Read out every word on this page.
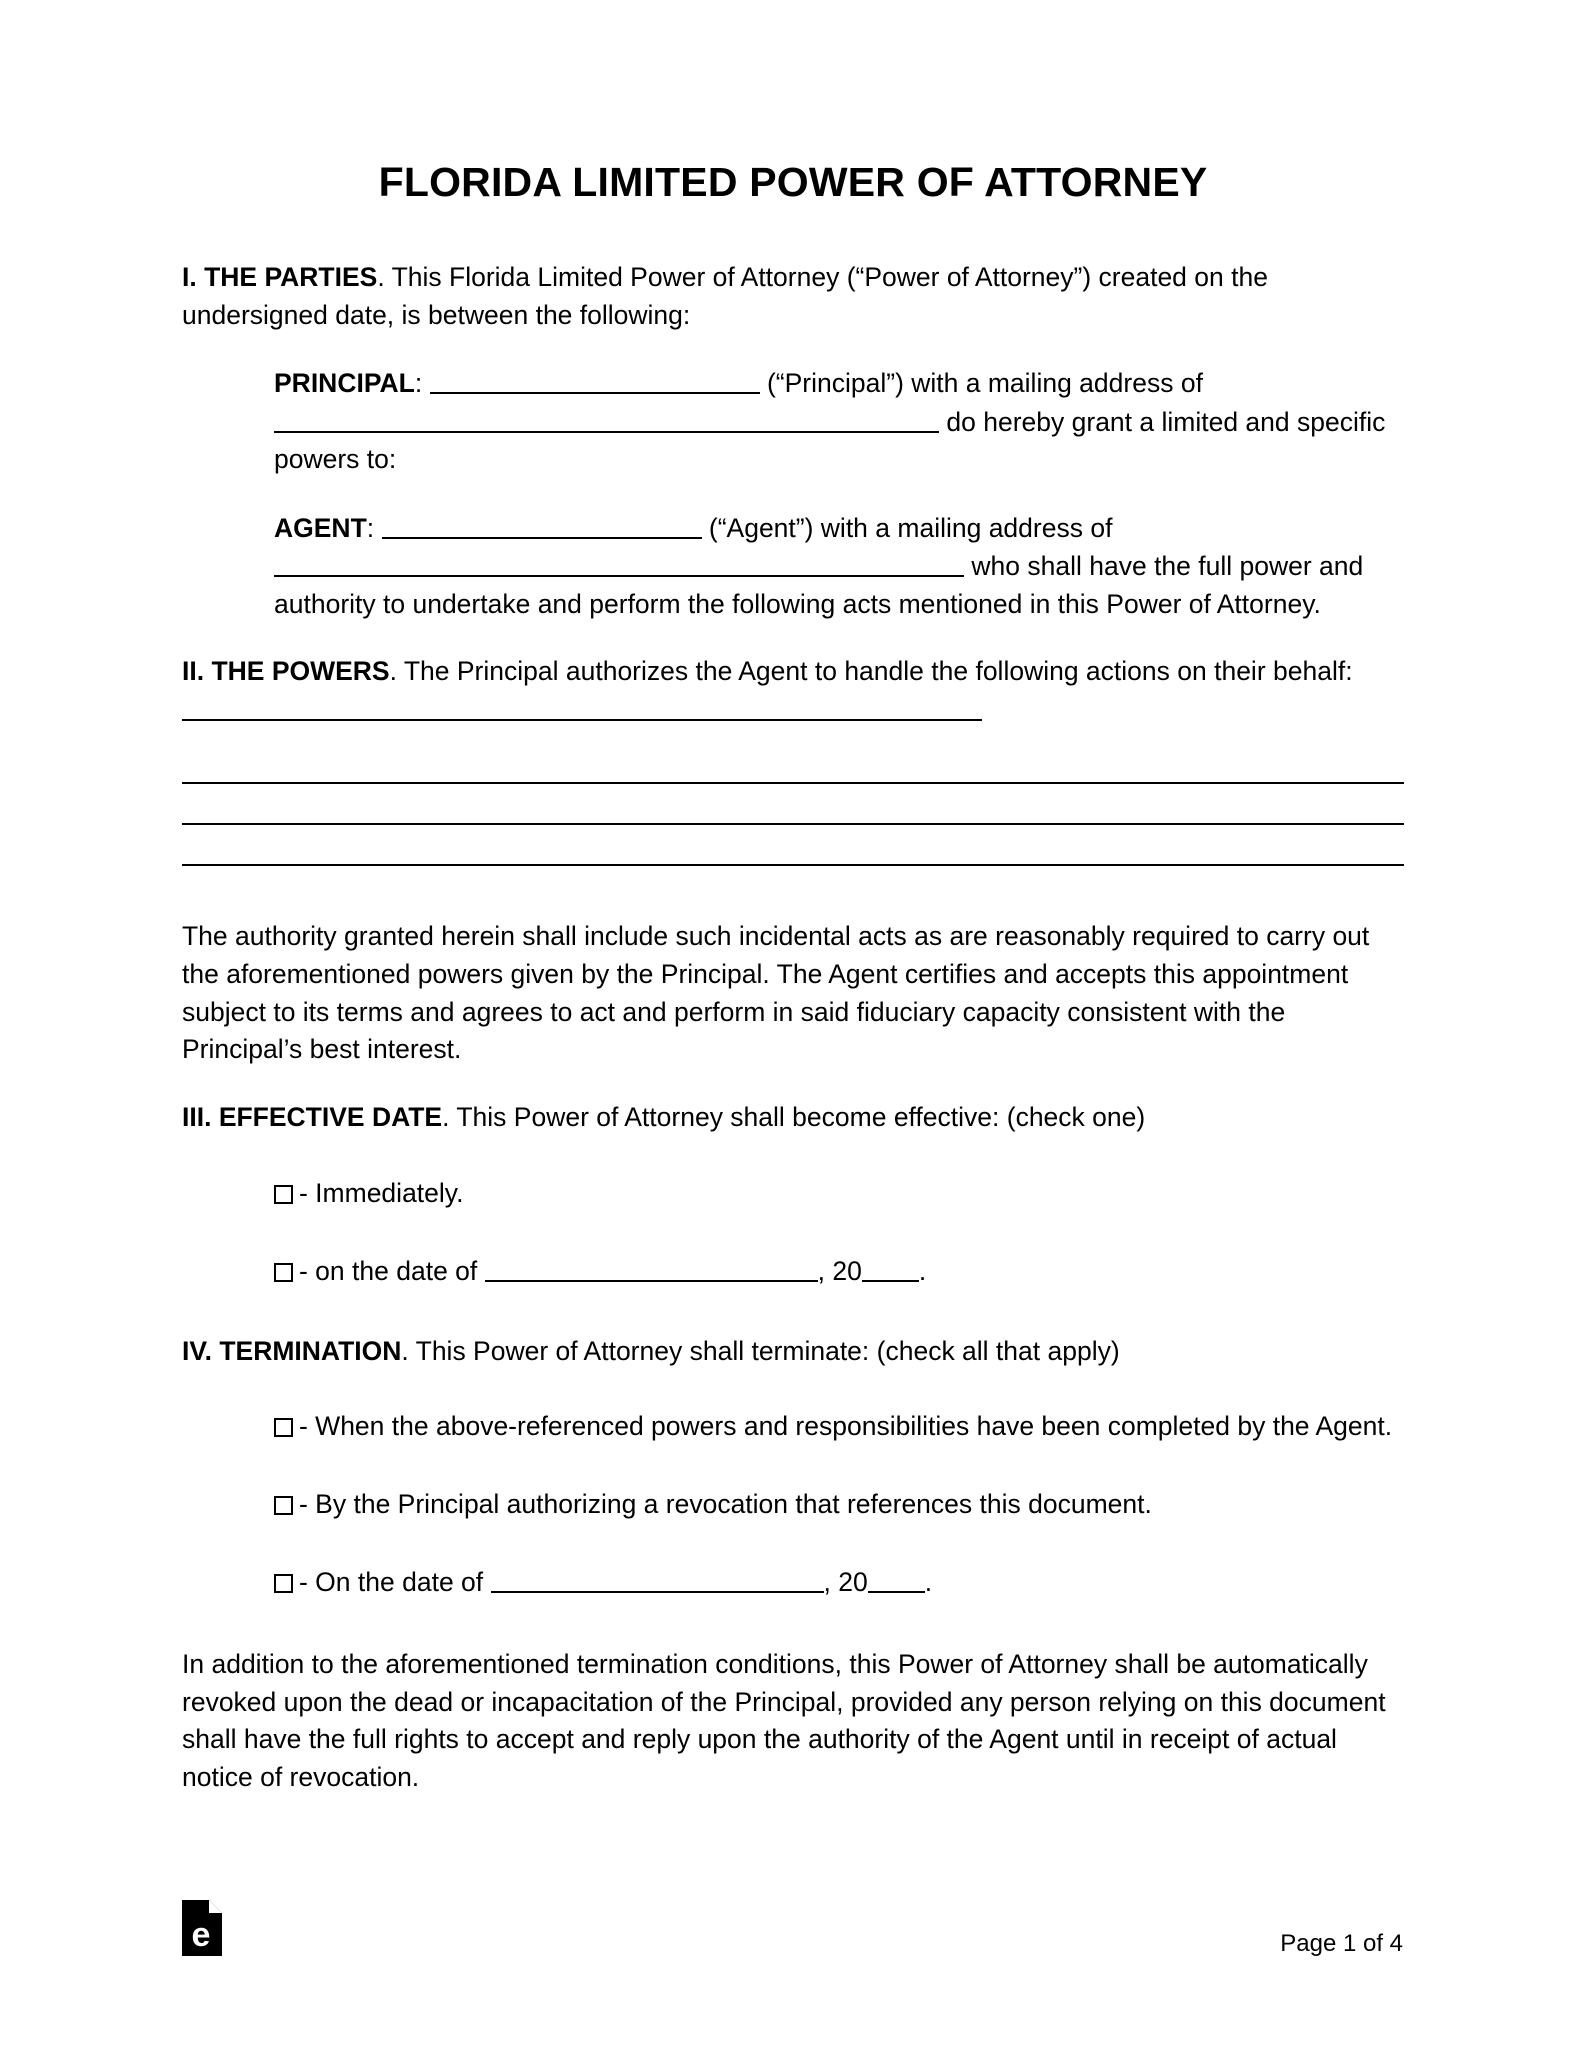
FLORIDA LIMITED POWER OF ATTORNEY

I. THE PARTIES. This Florida Limited Power of Attorney (“Power of Attorney”) created on the undersigned date, is between the following:

PRINCIPAL:	(“Principal”) with a mailing address of  do hereby grant a limited and specific powers to:

AGENT:	(“Agent”) with a mailing address of  who shall have the full power and authority to undertake and perform the following acts mentioned in this Power of Attorney.

II. THE POWERS. The Principal authorizes the Agent to handle the following actions on their behalf:

The authority granted herein shall include such incidental acts as are reasonably required to carry out the aforementioned powers given by the Principal. The Agent certifies and accepts this appointment subject to its terms and agrees to act and perform in said fiduciary capacity consistent with the Principal’s best interest.

III. EFFECTIVE DATE. This Power of Attorney shall become effective: (check one)

- Immediately.
- on the date of	, 20 .

IV. TERMINATION. This Power of Attorney shall terminate: (check all that apply)

- When the above-referenced powers and responsibilities have been completed by the Agent.
- By the Principal authorizing a revocation that references this document.
- On the date of	, 20 .

In addition to the aforementioned termination conditions, this Power of Attorney shall be automatically revoked upon the dead or incapacitation of the Principal, provided any person relying on this document shall have the full rights to accept and reply upon the authority of the Agent until in receipt of actual notice of revocation.

e	Page 1 of 4
